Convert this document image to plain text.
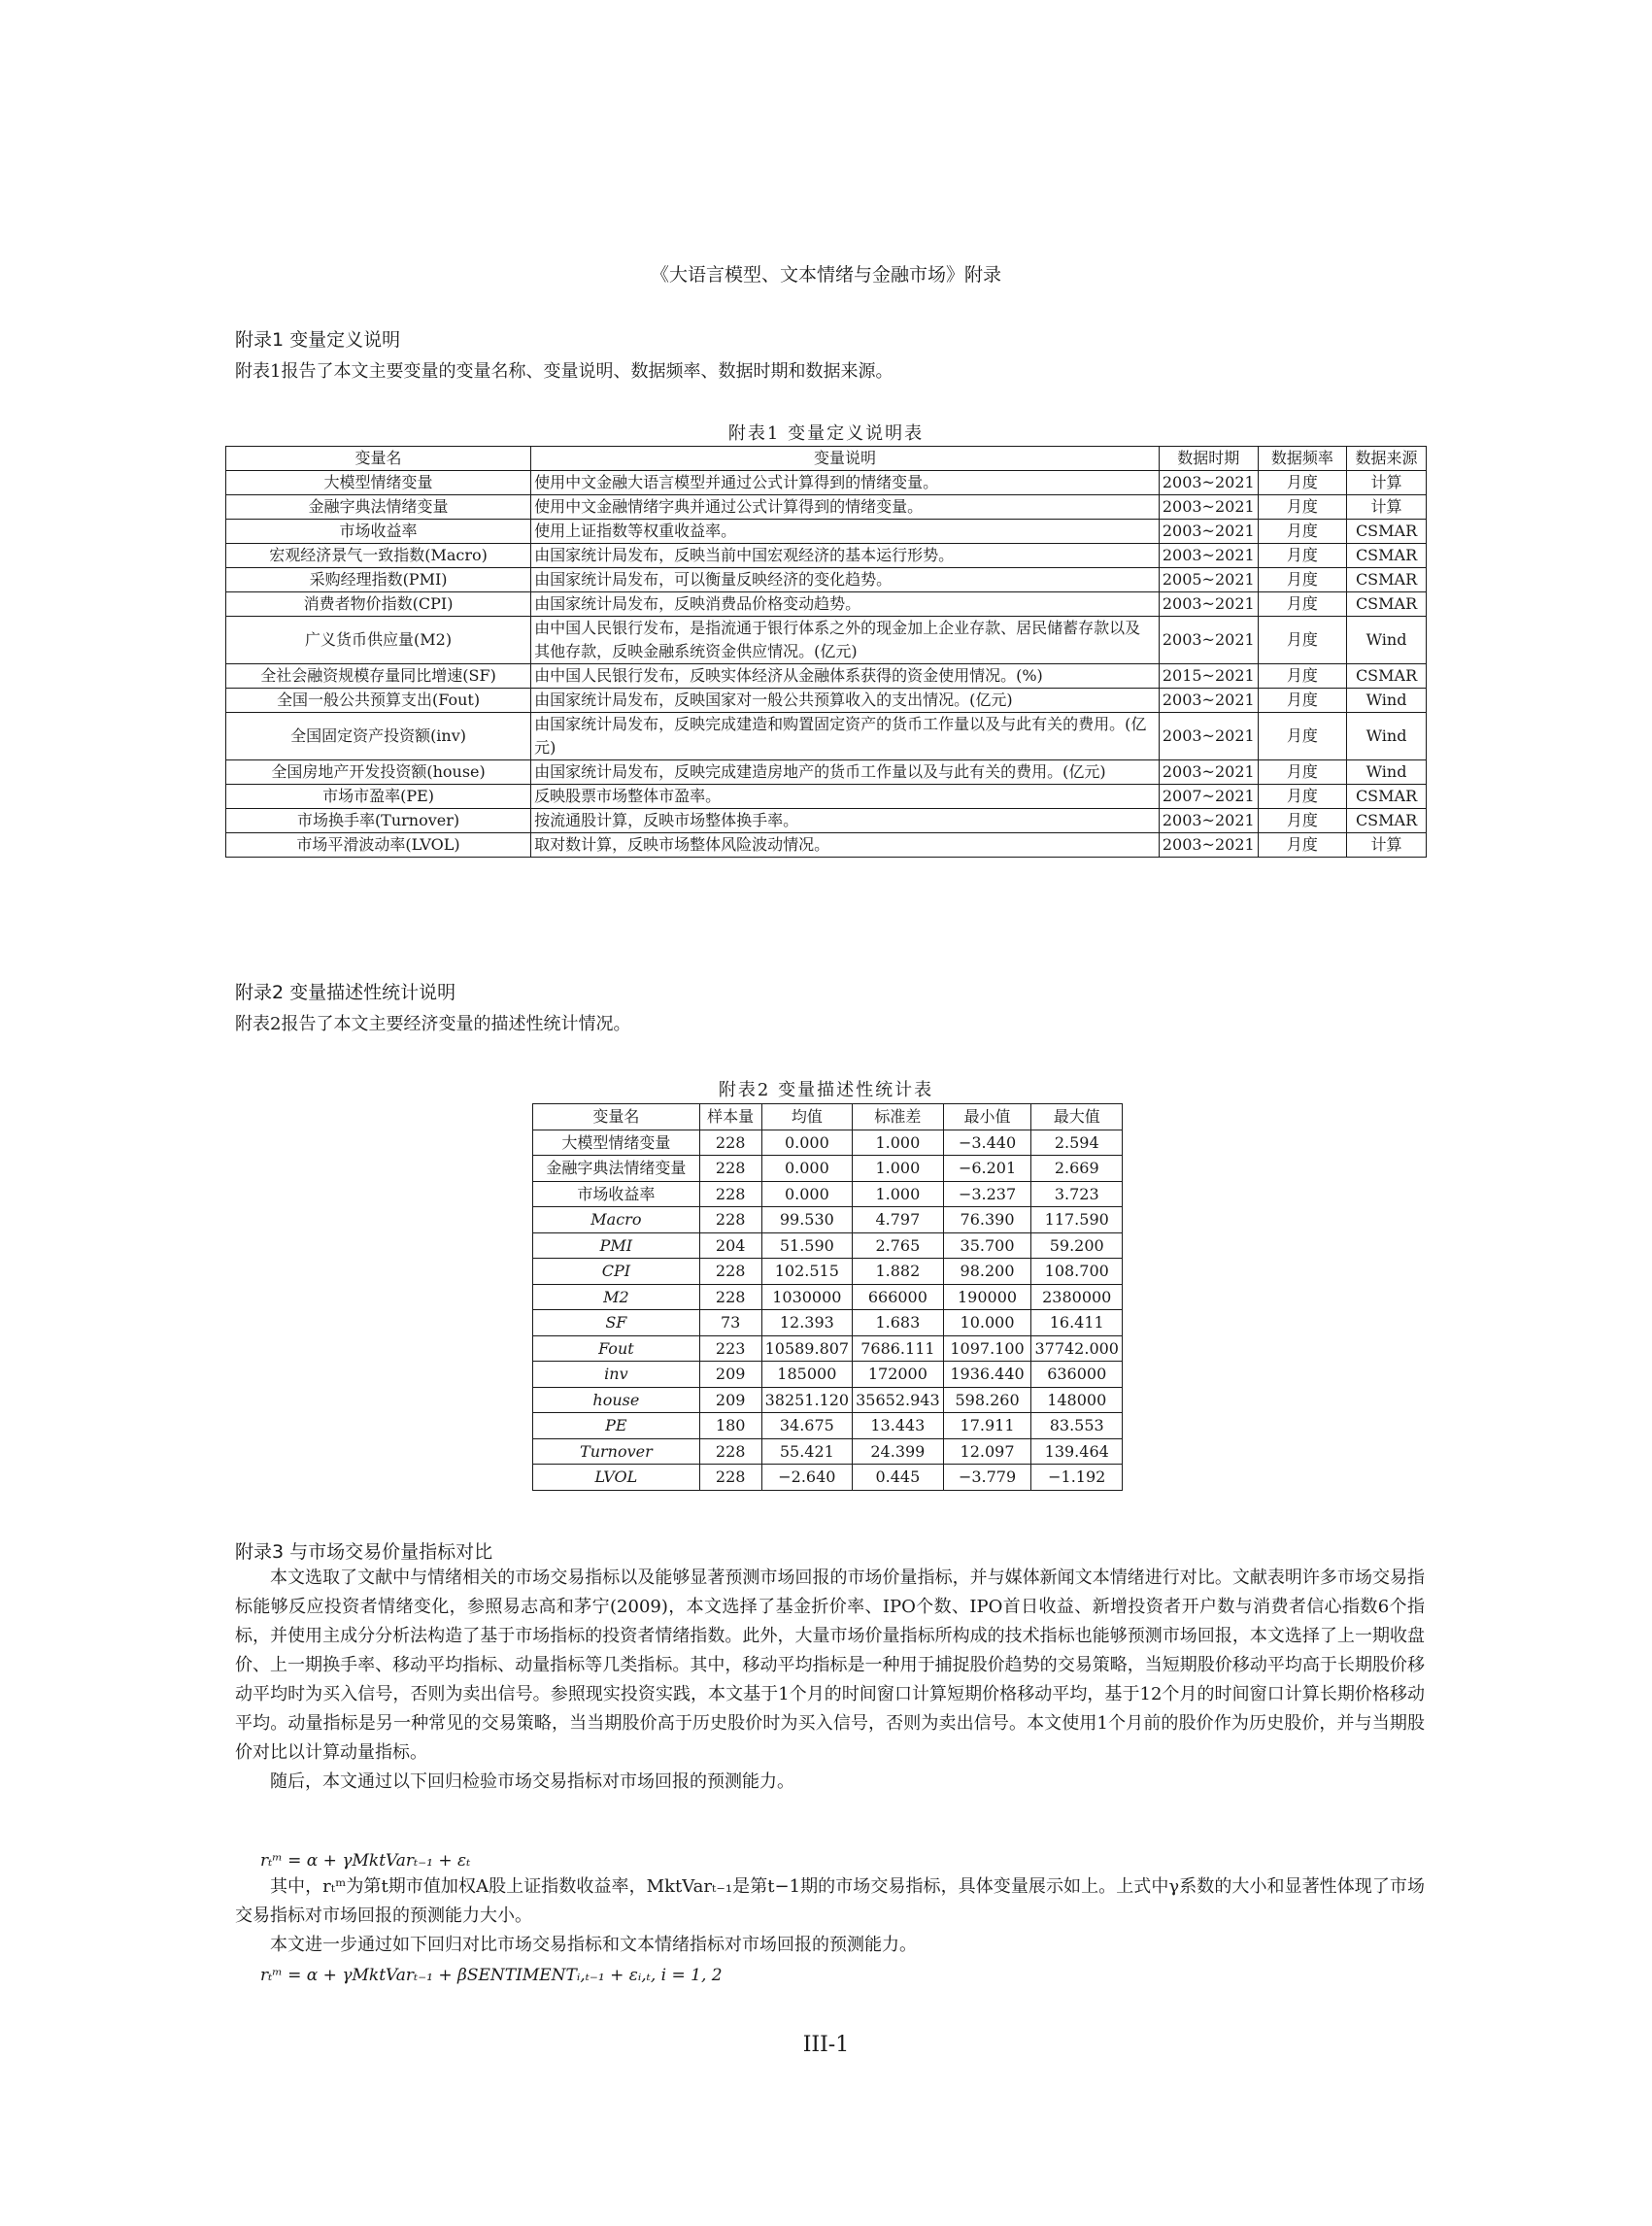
《大语言模型、文本情绪与金融市场》附录
附录1 变量定义说明
附表1报告了本文主要变量的变量名称、变量说明、数据频率、数据时期和数据来源。
附表1 变量定义说明表
变量名	变量说明	数据时期	数据频率	数据来源
大模型情绪变量	使用中文金融大语言模型并通过公式计算得到的情绪变量。	2003~2021	月度	计算
金融字典法情绪变量	使用中文金融情绪字典并通过公式计算得到的情绪变量。	2003~2021	月度	计算
市场收益率	使用上证指数等权重收益率。	2003~2021	月度	CSMAR
宏观经济景气一致指数(Macro)	由国家统计局发布，反映当前中国宏观经济的基本运行形势。	2003~2021	月度	CSMAR
采购经理指数(PMI)	由国家统计局发布，可以衡量反映经济的变化趋势。	2005~2021	月度	CSMAR
消费者物价指数(CPI)	由国家统计局发布，反映消费品价格变动趋势。	2003~2021	月度	CSMAR
广义货币供应量(M2)	由中国人民银行发布，是指流通于银行体系之外的现金加上企业存款、居民储蓄存款以及其他存款，反映金融系统资金供应情况。(亿元)	2003~2021	月度	Wind
全社会融资规模存量同比增速(SF)	由中国人民银行发布，反映实体经济从金融体系获得的资金使用情况。(%)	2015~2021	月度	CSMAR
全国一般公共预算支出(Fout)	由国家统计局发布，反映国家对一般公共预算收入的支出情况。(亿元)	2003~2021	月度	Wind
全国固定资产投资额(inv)	由国家统计局发布，反映完成建造和购置固定资产的货币工作量以及与此有关的费用。(亿元)	2003~2021	月度	Wind
全国房地产开发投资额(house)	由国家统计局发布，反映完成建造房地产的货币工作量以及与此有关的费用。(亿元)	2003~2021	月度	Wind
市场市盈率(PE)	反映股票市场整体市盈率。	2007~2021	月度	CSMAR
市场换手率(Turnover)	按流通股计算，反映市场整体换手率。	2003~2021	月度	CSMAR
市场平滑波动率(LVOL)	取对数计算，反映市场整体风险波动情况。	2003~2021	月度	计算
附录2 变量描述性统计说明
附表2报告了本文主要经济变量的描述性统计情况。
附表2 变量描述性统计表
变量名	样本量	均值	标准差	最小值	最大值
大模型情绪变量	228	0.000	1.000	−3.440	2.594
金融字典法情绪变量	228	0.000	1.000	−6.201	2.669
市场收益率	228	0.000	1.000	−3.237	3.723
Macro	228	99.530	4.797	76.390	117.590
PMI	204	51.590	2.765	35.700	59.200
CPI	228	102.515	1.882	98.200	108.700
M2	228	1030000	666000	190000	2380000
SF	73	12.393	1.683	10.000	16.411
Fout	223	10589.807	7686.111	1097.100	37742.000
inv	209	185000	172000	1936.440	636000
house	209	38251.120	35652.943	598.260	148000
PE	180	34.675	13.443	17.911	83.553
Turnover	228	55.421	24.399	12.097	139.464
LVOL	228	−2.640	0.445	−3.779	−1.192
附录3 与市场交易价量指标对比

本文选取了文献中与情绪相关的市场交易指标以及能够显著预测市场回报的市场价量指标，并与媒体新闻文本情绪进行对比。文献表明许多市场交易指标能够反应投资者情绪变化，参照易志高和茅宁(2009)，本文选择了基金折价率、IPO个数、IPO首日收益、新增投资者开户数与消费者信心指数6个指标，并使用主成分分析法构造了基于市场指标的投资者情绪指数。此外，大量市场价量指标所构成的技术指标也能够预测市场回报，本文选择了上一期收盘价、上一期换手率、移动平均指标、动量指标等几类指标。其中，移动平均指标是一种用于捕捉股价趋势的交易策略，当短期股价移动平均高于长期股价移动平均时为买入信号，否则为卖出信号。参照现实投资实践，本文基于1个月的时间窗口计算短期价格移动平均，基于12个月的时间窗口计算长期价格移动平均。动量指标是另一种常见的交易策略，当当期股价高于历史股价时为买入信号，否则为卖出信号。本文使用1个月前的股价作为历史股价，并与当期股价对比以计算动量指标。

随后，本文通过以下回归检验市场交易指标对市场回报的预测能力。

rₜᵐ = α + γMktVarₜ₋₁ + εₜ

其中，rₜᵐ为第t期市值加权A股上证指数收益率，MktVarₜ₋₁是第t−1期的市场交易指标，具体变量展示如上。上式中γ系数的大小和显著性体现了市场交易指标对市场回报的预测能力大小。

本文进一步通过如下回归对比市场交易指标和文本情绪指标对市场回报的预测能力。

rₜᵐ = α + γMktVarₜ₋₁ + βSENTIMENTᵢ,ₜ₋₁ + εᵢ,ₜ, i = 1, 2
III-1
